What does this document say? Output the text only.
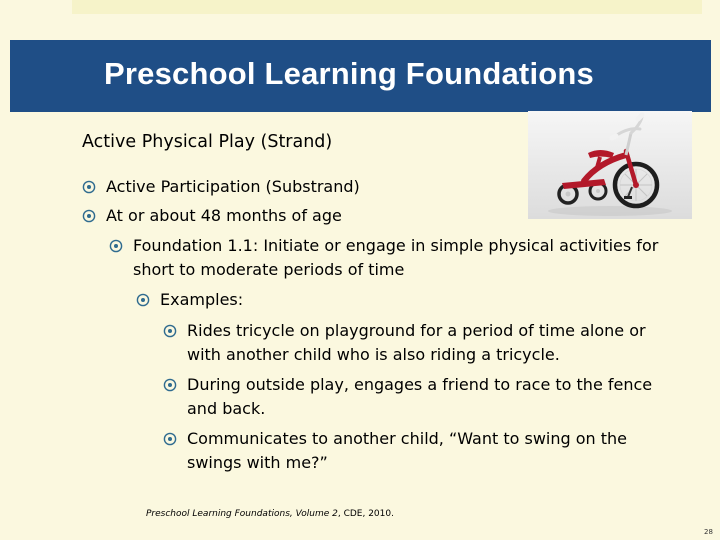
Preschool Learning Foundations
Active Physical Play (Strand)
Active Participation (Substrand)
At or about 48 months of age
Foundation 1.1: Initiate or engage in simple physical activities for
short to moderate periods of time
Examples:
Rides tricycle on playground for a period of time alone or
with another child who is also riding a tricycle.
During outside play, engages a friend to race to the fence
and back.
Communicates to another child, “Want to swing on the
swings with me?”
Preschool Learning Foundations, Volume 2, CDE, 2010.
28
